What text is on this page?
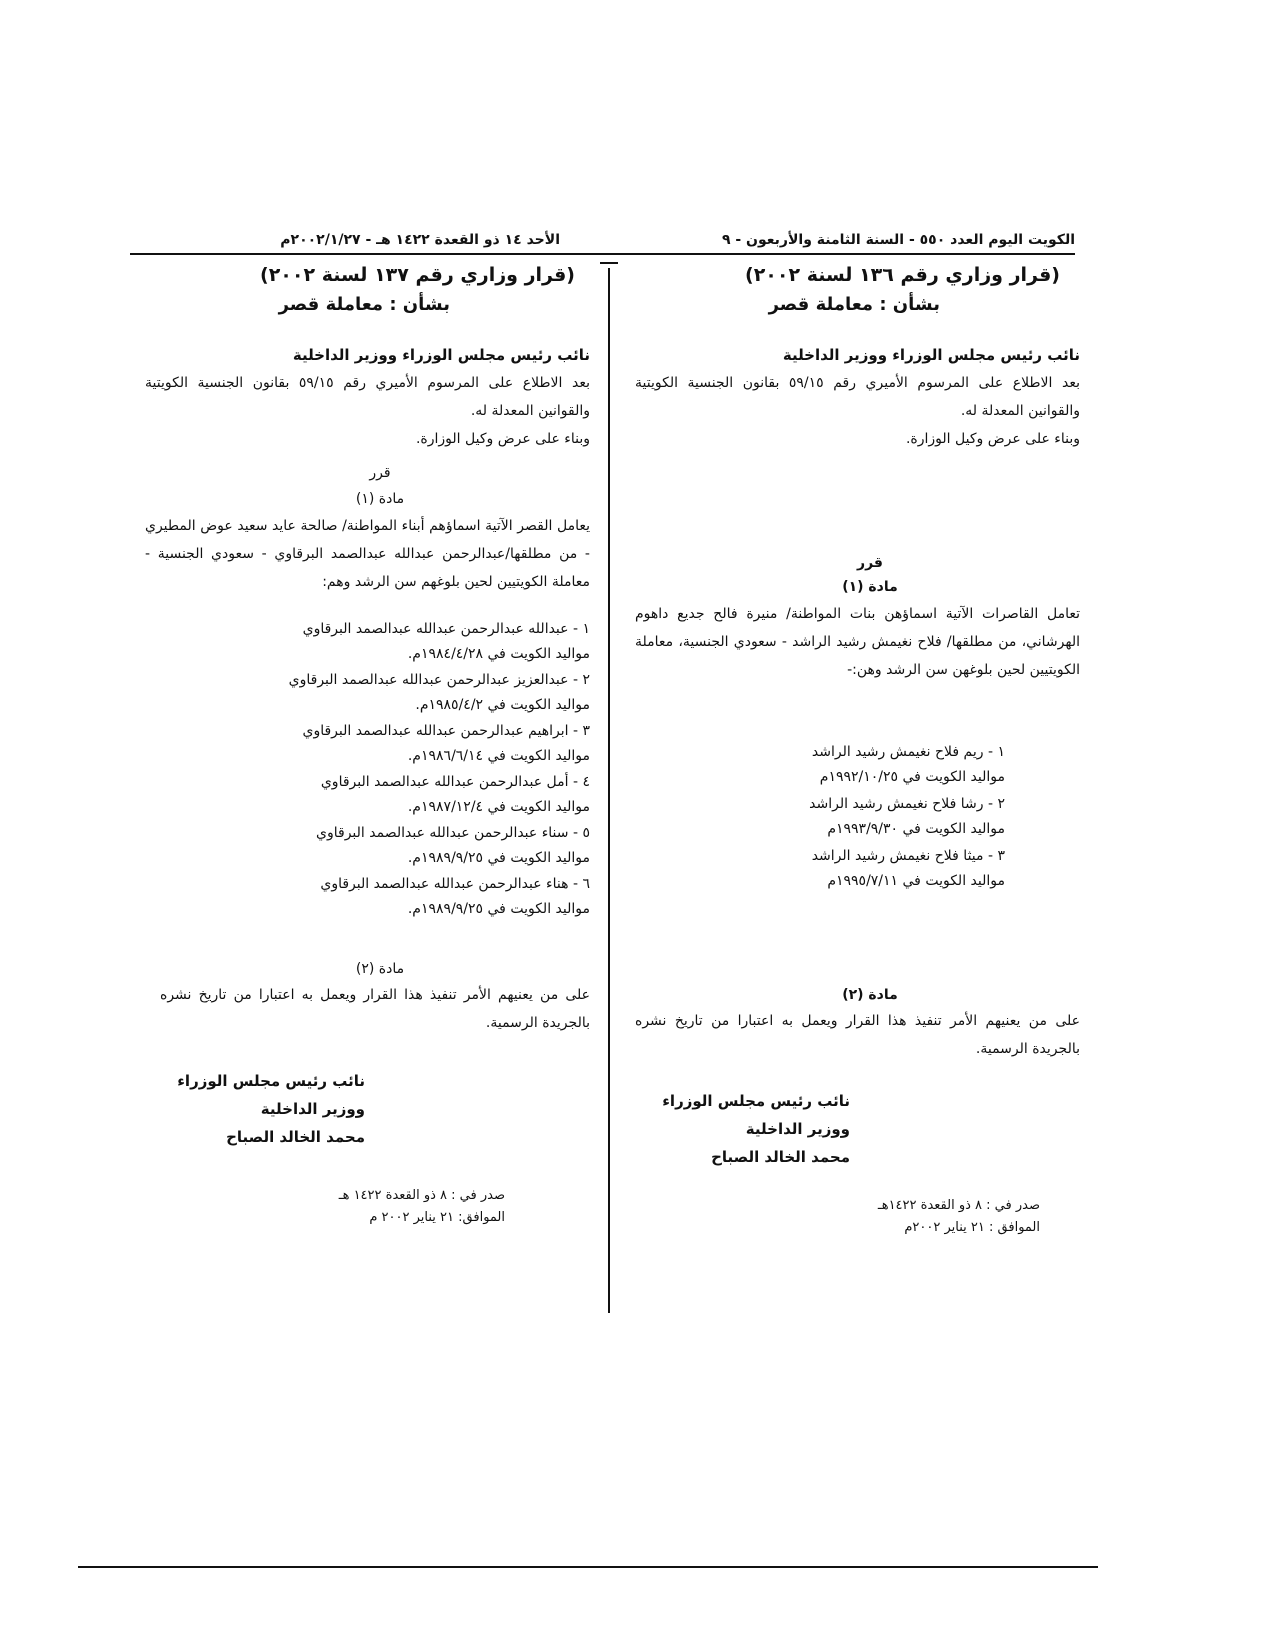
الكويت اليوم العدد ٥٥٠ - السنة الثامنة والأربعون - ٩
الأحد ١٤ ذو القعدة ١٤٢٢ هـ - ٢٠٠٢/١/٢٧م
(قرار وزاري رقم ١٣٦ لسنة ٢٠٠٢)
بشأن : معاملة قصر
نائب رئيس مجلس الوزراء ووزير الداخلية
بعد الاطلاع على المرسوم الأميري رقم ٥٩/١٥ بقانون الجنسية الكويتية والقوانين المعدلة له.
وبناء على عرض وكيل الوزارة.
قرر
مادة (١)
تعامل القاصرات الآتية اسماؤهن بنات المواطنة/ منيرة فالح جديع داهوم الهرشاني، من مطلقها/ فلاح نغيمش رشيد الراشد - سعودي الجنسية، معاملة الكويتيين لحين بلوغهن سن الرشد وهن:-
١ - ريم فلاح نغيمش رشيد الراشد
مواليد الكويت في ١٩٩٢/١٠/٢٥م
٢ - رشا فلاح نغيمش رشيد الراشد
مواليد الكويت في ١٩٩٣/٩/٣٠م
٣ - ميثا فلاح نغيمش رشيد الراشد
مواليد الكويت في ١٩٩٥/٧/١١م
مادة (٢)
على من يعنيهم الأمر تنفيذ هذا القرار ويعمل به اعتبارا من تاريخ نشره بالجريدة الرسمية.
نائب رئيس مجلس الوزراء
ووزير الداخلية
محمد الخالد الصباح
صدر في : ٨ ذو القعدة ١٤٢٢هـ
الموافق : ٢١ يناير ٢٠٠٢م
(قرار وزاري رقم ١٣٧ لسنة ٢٠٠٢)
بشأن : معاملة قصر
نائب رئيس مجلس الوزراء ووزير الداخلية
بعد الاطلاع على المرسوم الأميري رقم ٥٩/١٥ بقانون الجنسية الكويتية والقوانين المعدلة له.
وبناء على عرض وكيل الوزارة.
قرر
مادة (١)
يعامل القصر الآتية اسماؤهم أبناء المواطنة/ صالحة عايد سعيد عوض المطيري - من مطلقها/عبدالرحمن عبدالله عبدالصمد البرقاوي - سعودي الجنسية - معاملة الكويتيين لحين بلوغهم سن الرشد وهم:
١ - عبدالله عبدالرحمن عبدالله عبدالصمد البرقاوي
مواليد الكويت في ١٩٨٤/٤/٢٨م.
٢ - عبدالعزيز عبدالرحمن عبدالله عبدالصمد البرقاوي
مواليد الكويت في ١٩٨٥/٤/٢م.
٣ - ابراهيم عبدالرحمن عبدالله عبدالصمد البرقاوي
مواليد الكويت في ١٩٨٦/٦/١٤م.
٤ - أمل عبدالرحمن عبدالله عبدالصمد البرقاوي
مواليد الكويت في ١٩٨٧/١٢/٤م.
٥ - سناء عبدالرحمن عبدالله عبدالصمد البرقاوي
مواليد الكويت في ١٩٨٩/٩/٢٥م.
٦ - هناء عبدالرحمن عبدالله عبدالصمد البرقاوي
مواليد الكويت في ١٩٨٩/٩/٢٥م.
مادة (٢)
على من يعنيهم الأمر تنفيذ هذا القرار ويعمل به اعتبارا من تاريخ نشره بالجريدة الرسمية.
نائب رئيس مجلس الوزراء
ووزير الداخلية
محمد الخالد الصباح
صدر في : ٨ ذو القعدة ١٤٢٢ هـ
الموافق: ٢١ يناير ٢٠٠٢ م
